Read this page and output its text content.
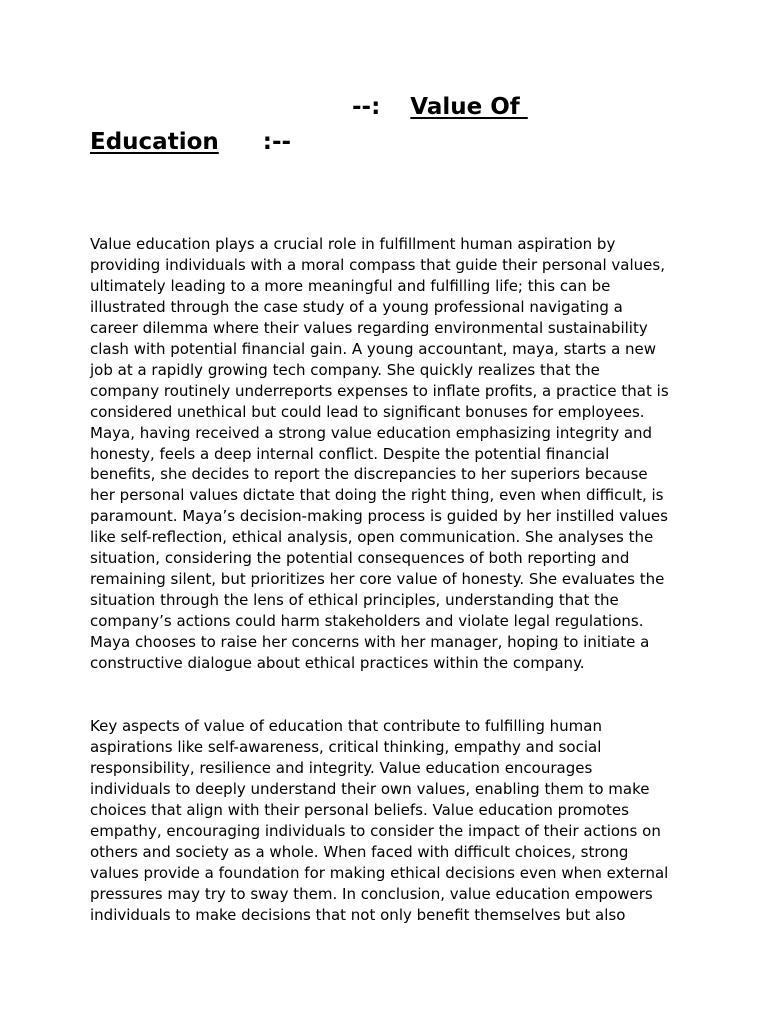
--: Value Of
Education :--
Value education plays a crucial role in fulfillment human aspiration by
providing individuals with a moral compass that guide their personal values,
ultimately leading to a more meaningful and fulfilling life; this can be
illustrated through the case study of a young professional navigating a
career dilemma where their values regarding environmental sustainability
clash with potential financial gain. A young accountant, maya, starts a new
job at a rapidly growing tech company. She quickly realizes that the
company routinely underreports expenses to inflate profits, a practice that is
considered unethical but could lead to significant bonuses for employees.
Maya, having received a strong value education emphasizing integrity and
honesty, feels a deep internal conflict. Despite the potential financial
benefits, she decides to report the discrepancies to her superiors because
her personal values dictate that doing the right thing, even when difficult, is
paramount. Maya’s decision-making process is guided by her instilled values
like self-reflection, ethical analysis, open communication. She analyses the
situation, considering the potential consequences of both reporting and
remaining silent, but prioritizes her core value of honesty. She evaluates the
situation through the lens of ethical principles, understanding that the
company’s actions could harm stakeholders and violate legal regulations.
Maya chooses to raise her concerns with her manager, hoping to initiate a
constructive dialogue about ethical practices within the company.
Key aspects of value of education that contribute to fulfilling human
aspirations like self-awareness, critical thinking, empathy and social
responsibility, resilience and integrity. Value education encourages
individuals to deeply understand their own values, enabling them to make
choices that align with their personal beliefs. Value education promotes
empathy, encouraging individuals to consider the impact of their actions on
others and society as a whole. When faced with difficult choices, strong
values provide a foundation for making ethical decisions even when external
pressures may try to sway them. In conclusion, value education empowers
individuals to make decisions that not only benefit themselves but also
